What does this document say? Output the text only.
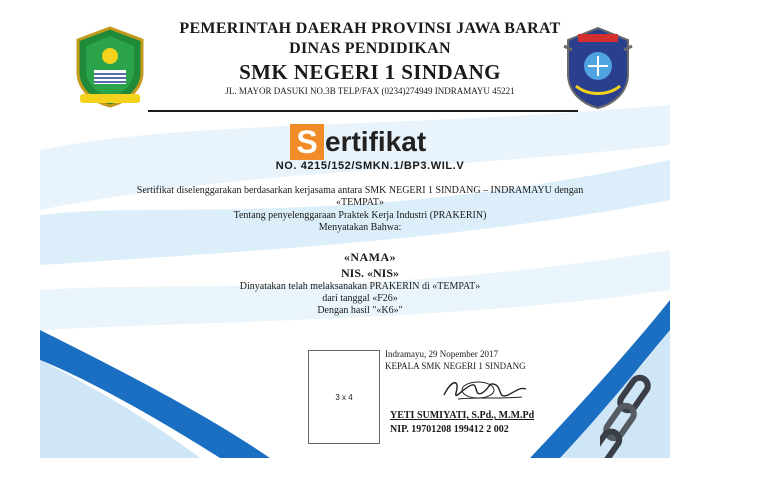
PEMERINTAH DAERAH PROVINSI JAWA BARAT
DINAS PENDIDIKAN
SMK NEGERI 1 SINDANG
JL. MAYOR DASUKI NO.3B TELP/FAX (0234)274949 INDRAMAYU 45221
S ertifikat
NO. 4215/152/SMKN.1/BP3.WIL.V
Sertifikat diselenggarakan berdasarkan kerjasama antara SMK NEGERI 1 SINDANG – INDRAMAYU dengan
«TEMPAT»
Tentang penyelenggaraan Praktek Kerja Industri (PRAKERIN)
Menyatakan Bahwa:
«NAMA»
NIS. «NIS»
Dinyatakan telah melaksanakan PRAKERIN di «TEMPAT»
dari tanggal «F26»
Dengan hasil "«K6»"
3 x 4
Indramayu, 29 Nopember 2017
KEPALA SMK NEGERI 1 SINDANG
YETI SUMIYATI, S.Pd., M.M.Pd
NIP. 19701208 199412 2 002
